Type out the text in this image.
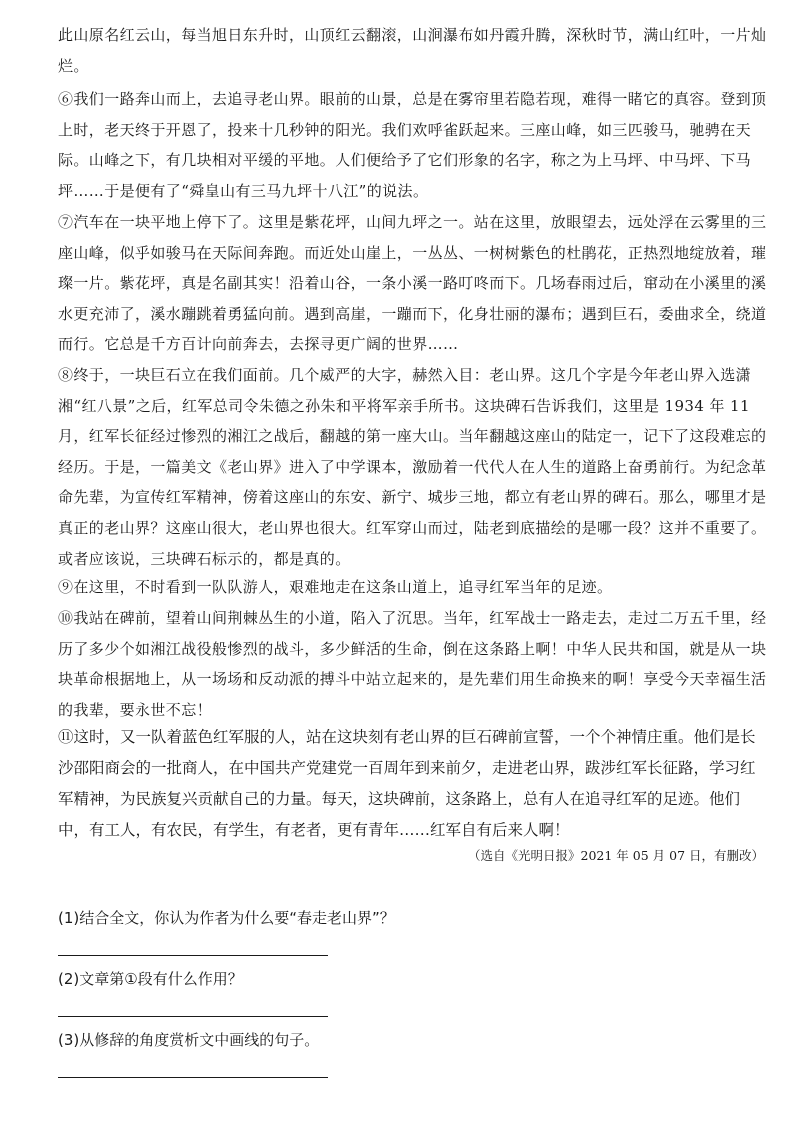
此山原名红云山，每当旭日东升时，山顶红云翻滚，山涧瀑布如丹霞升腾，深秋时节，满山红叶，一片灿烂。

⑥我们一路奔山而上，去追寻老山界。眼前的山景，总是在雾帘里若隐若现，难得一睹它的真容。登到顶上时，老天终于开恩了，投来十几秒钟的阳光。我们欢呼雀跃起来。三座山峰，如三匹骏马，驰骋在天际。山峰之下，有几块相对平缓的平地。人们便给予了它们形象的名字，称之为上马坪、中马坪、下马坪……于是便有了“舜皇山有三马九坪十八江”的说法。

⑦汽车在一块平地上停下了。这里是紫花坪，山间九坪之一。站在这里，放眼望去，远处浮在云雾里的三座山峰，似乎如骏马在天际间奔跑。而近处山崖上，一丛丛、一树树紫色的杜鹃花，正热烈地绽放着，璀璨一片。紫花坪，真是名副其实！沿着山谷，一条小溪一路叮咚而下。几场春雨过后，窜动在小溪里的溪水更充沛了，溪水蹦跳着勇猛向前。遇到高崖，一蹦而下，化身壮丽的瀑布；遇到巨石，委曲求全，绕道而行。它总是千方百计向前奔去，去探寻更广阔的世界……

⑧终于，一块巨石立在我们面前。几个威严的大字，赫然入目：老山界。这几个字是今年老山界入选潇湘“红八景”之后，红军总司令朱德之孙朱和平将军亲手所书。这块碑石告诉我们，这里是 1934 年 11 月，红军长征经过惨烈的湘江之战后，翻越的第一座大山。当年翻越这座山的陆定一，记下了这段难忘的经历。于是，一篇美文《老山界》进入了中学课本，激励着一代代人在人生的道路上奋勇前行。为纪念革命先辈，为宣传红军精神，傍着这座山的东安、新宁、城步三地，都立有老山界的碑石。那么，哪里才是真正的老山界？这座山很大，老山界也很大。红军穿山而过，陆老到底描绘的是哪一段？这并不重要了。或者应该说，三块碑石标示的，都是真的。

⑨在这里，不时看到一队队游人，艰难地走在这条山道上，追寻红军当年的足迹。

⑩我站在碑前，望着山间荆棘丛生的小道，陷入了沉思。当年，红军战士一路走去，走过二万五千里，经历了多少个如湘江战役般惨烈的战斗，多少鲜活的生命，倒在这条路上啊！中华人民共和国，就是从一块块革命根据地上，从一场场和反动派的搏斗中站立起来的，是先辈们用生命换来的啊！享受今天幸福生活的我辈，要永世不忘！

⑪这时，又一队着蓝色红军服的人，站在这块刻有老山界的巨石碑前宣誓，一个个神情庄重。他们是长沙邵阳商会的一批商人，在中国共产党建党一百周年到来前夕，走进老山界，跋涉红军长征路，学习红军精神，为民族复兴贡献自己的力量。每天，这块碑前，这条路上，总有人在追寻红军的足迹。他们中，有工人，有农民，有学生，有老者，更有青年……红军自有后来人啊！

（选自《光明日报》2021 年 05 月 07 日，有删改）
(1)结合全文，你认为作者为什么要“春走老山界”？
(2)文章第①段有什么作用？
(3)从修辞的角度赏析文中画线的句子。
